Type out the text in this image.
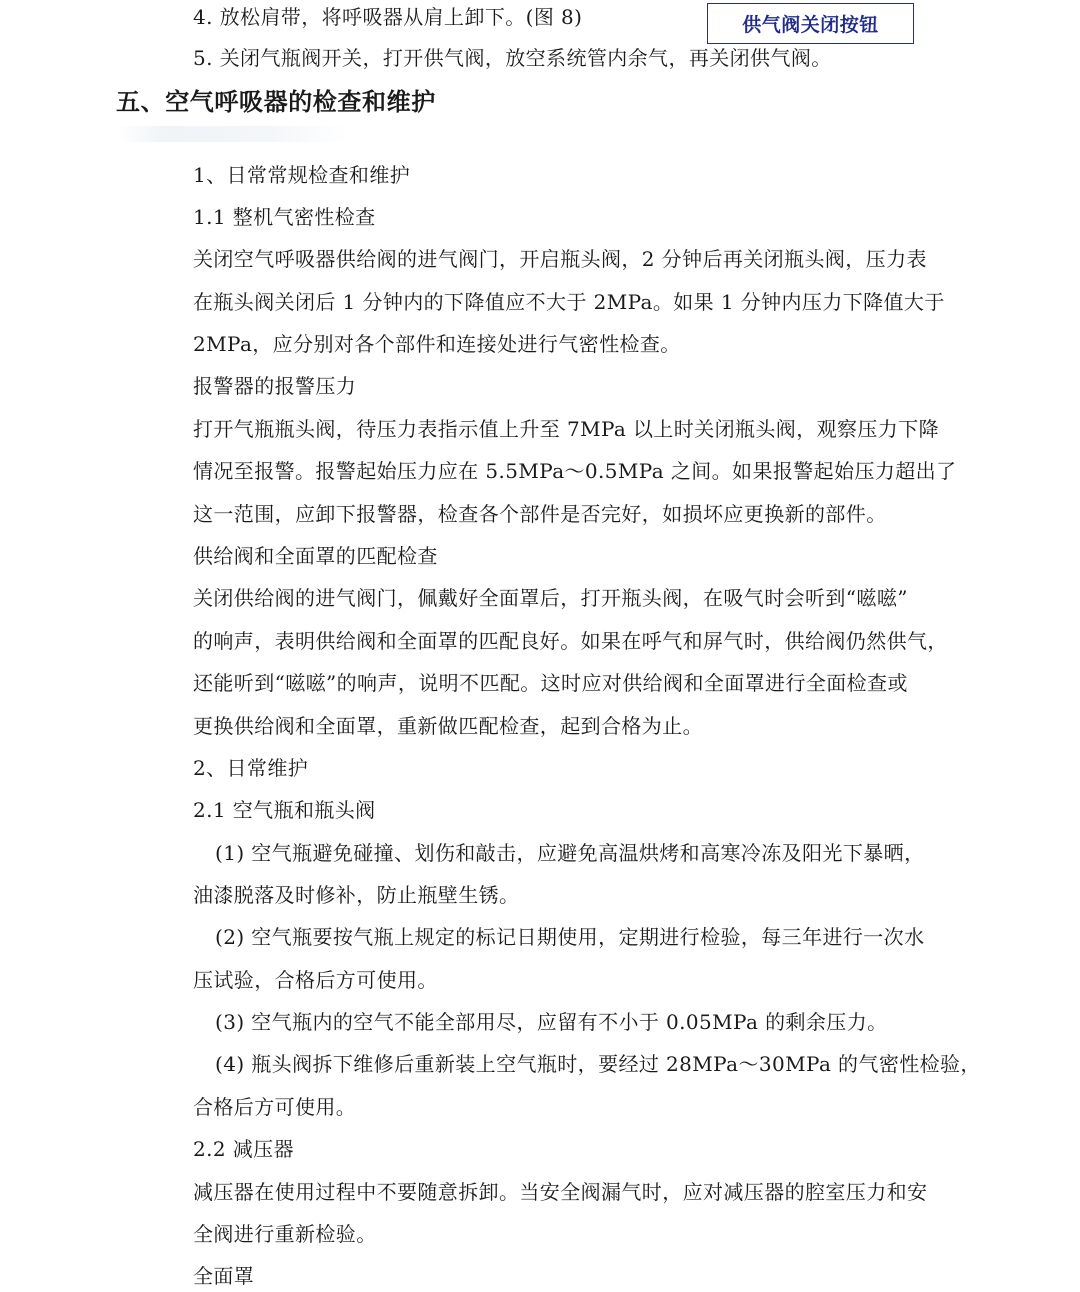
4. 放松肩带，将呼吸器从肩上卸下。(图 8)	供气阀关闭按钮
5. 关闭气瓶阀开关，打开供气阀，放空系统管内余气，再关闭供气阀。
五、空气呼吸器的检查和维护
1、日常常规检查和维护
1.1 整机气密性检查
关闭空气呼吸器供给阀的进气阀门，开启瓶头阀，2 分钟后再关闭瓶头阀，压力表
在瓶头阀关闭后 1 分钟内的下降值应不大于 2MPa。如果 1 分钟内压力下降值大于
2MPa，应分别对各个部件和连接处进行气密性检查。
报警器的报警压力
打开气瓶瓶头阀，待压力表指示值上升至 7MPa 以上时关闭瓶头阀，观察压力下降
情况至报警。报警起始压力应在 5.5MPa～0.5MPa 之间。如果报警起始压力超出了
这一范围，应卸下报警器，检查各个部件是否完好，如损坏应更换新的部件。
供给阀和全面罩的匹配检查
关闭供给阀的进气阀门，佩戴好全面罩后，打开瓶头阀，在吸气时会听到“嗞嗞”
的响声，表明供给阀和全面罩的匹配良好。如果在呼气和屏气时，供给阀仍然供气，
还能听到“嗞嗞”的响声，说明不匹配。这时应对供给阀和全面罩进行全面检查或
更换供给阀和全面罩，重新做匹配检查，起到合格为止。
2、日常维护
2.1 空气瓶和瓶头阀
(1) 空气瓶避免碰撞、划伤和敲击，应避免高温烘烤和高寒冷冻及阳光下暴晒，
油漆脱落及时修补，防止瓶壁生锈。
(2) 空气瓶要按气瓶上规定的标记日期使用，定期进行检验，每三年进行一次水
压试验，合格后方可使用。
(3) 空气瓶内的空气不能全部用尽，应留有不小于 0.05MPa 的剩余压力。
(4) 瓶头阀拆下维修后重新装上空气瓶时，要经过 28MPa～30MPa 的气密性检验，
合格后方可使用。
2.2 减压器
减压器在使用过程中不要随意拆卸。当安全阀漏气时，应对减压器的腔室压力和安
全阀进行重新检验。
全面罩
